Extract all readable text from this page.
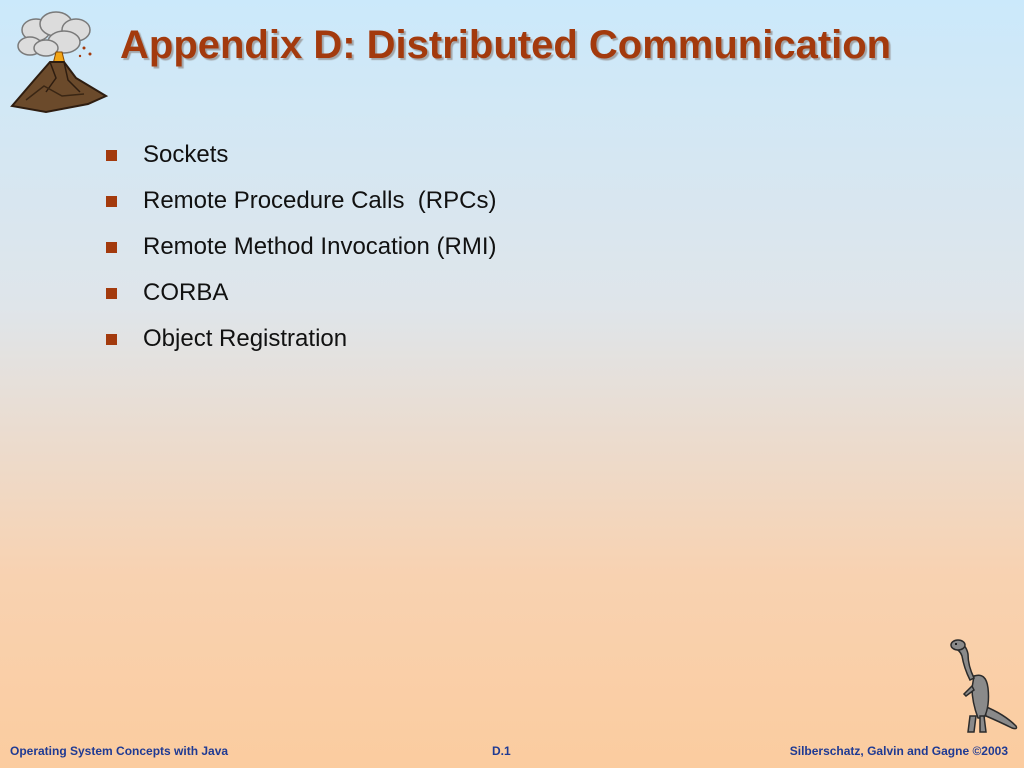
Appendix D: Distributed Communication
Sockets
Remote Procedure Calls  (RPCs)
Remote Method Invocation (RMI)
CORBA
Object Registration
Operating System Concepts with Java	D.1	Silberschatz, Galvin and Gagne ©2003
